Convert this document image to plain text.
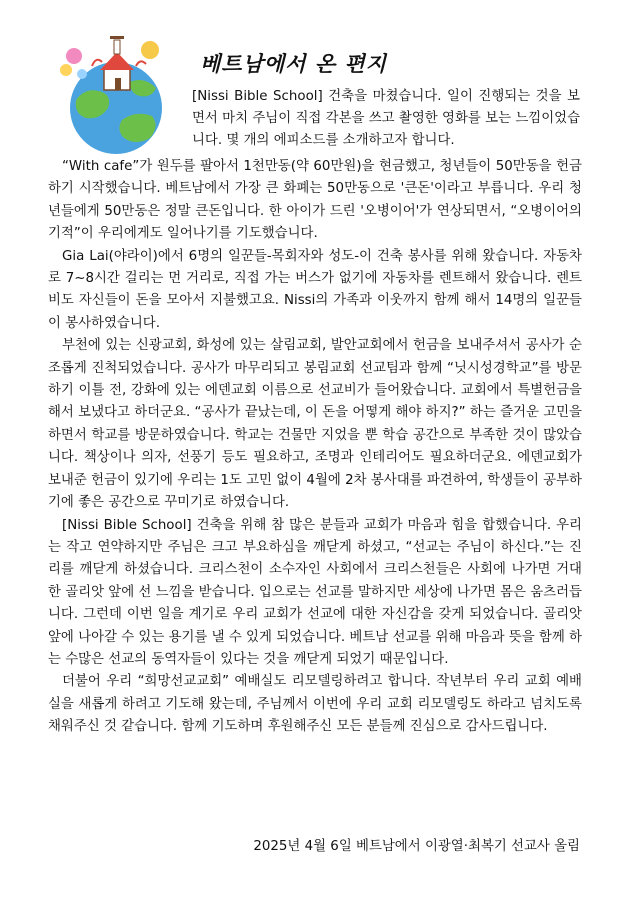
베트남에서 온 편지
[Nissi Bible School] 건축을 마쳤습니다. 일이 진행되는 것을 보면서 마치 주님이 직접 각본을 쓰고 촬영한 영화를 보는 느낌이었습니다. 몇 개의 에피소드를 소개하고자 합니다.

“With cafe”가 원두를 팔아서 1천만동(약 60만원)을 현금했고, 청년들이 50만동을 헌금하기 시작했습니다. 베트남에서 가장 큰 화폐는 50만동으로 '큰돈'이라고 부릅니다. 우리 청년들에게 50만동은 정말 큰돈입니다. 한 아이가 드린 '오병이어'가 연상되면서, “오병이어의 기적”이 우리에게도 일어나기를 기도했습니다.

Gia Lai(야라이)에서 6명의 일꾼들-목회자와 성도-이 건축 봉사를 위해 왔습니다. 자동차로 7~8시간 걸리는 먼 거리로, 직접 가는 버스가 없기에 자동차를 렌트해서 왔습니다. 렌트비도 자신들이 돈을 모아서 지불했고요. Nissi의 가족과 이웃까지 함께 해서 14명의 일꾼들이 봉사하였습니다.

부천에 있는 신광교회, 화성에 있는 살림교회, 발안교회에서 헌금을 보내주셔서 공사가 순조롭게 진척되었습니다. 공사가 마무리되고 봉림교회 선교팀과 함께 “닛시성경학교”를 방문하기 이틀 전, 강화에 있는 에덴교회 이름으로 선교비가 들어왔습니다. 교회에서 특별헌금을 해서 보냈다고 하더군요. “공사가 끝났는데, 이 돈을 어떻게 해야 하지?” 하는 즐거운 고민을 하면서 학교를 방문하였습니다. 학교는 건물만 지었을 뿐 학습 공간으로 부족한 것이 많았습니다. 책상이나 의자, 선풍기 등도 필요하고, 조명과 인테리어도 필요하더군요. 에덴교회가 보내준 헌금이 있기에 우리는 1도 고민 없이 4월에 2차 봉사대를 파견하여, 학생들이 공부하기에 좋은 공간으로 꾸미기로 하였습니다.

[Nissi Bible School] 건축을 위해 참 많은 분들과 교회가 마음과 힘을 합했습니다. 우리는 작고 연약하지만 주님은 크고 부요하심을 깨닫게 하셨고, “선교는 주님이 하신다.”는 진리를 깨닫게 하셨습니다. 크리스천이 소수자인 사회에서 크리스천들은 사회에 나가면 거대한 골리앗 앞에 선 느낌을 받습니다. 입으로는 선교를 말하지만 세상에 나가면 몸은 움츠러듭니다. 그런데 이번 일을 계기로 우리 교회가 선교에 대한 자신감을 갖게 되었습니다. 골리앗 앞에 나아갈 수 있는 용기를 낼 수 있게 되었습니다. 베트남 선교를 위해 마음과 뜻을 함께 하는 수많은 선교의 동역자들이 있다는 것을 깨닫게 되었기 때문입니다.

더불어 우리 “희망선교교회” 예배실도 리모델링하려고 합니다. 작년부터 우리 교회 예배실을 새롭게 하려고 기도해 왔는데, 주님께서 이번에 우리 교회 리모델링도 하라고 넘치도록 채워주신 것 같습니다. 함께 기도하며 후원해주신 모든 분들께 진심으로 감사드립니다.

2025년 4월 6일 베트남에서 이광열·최복기 선교사 올림
